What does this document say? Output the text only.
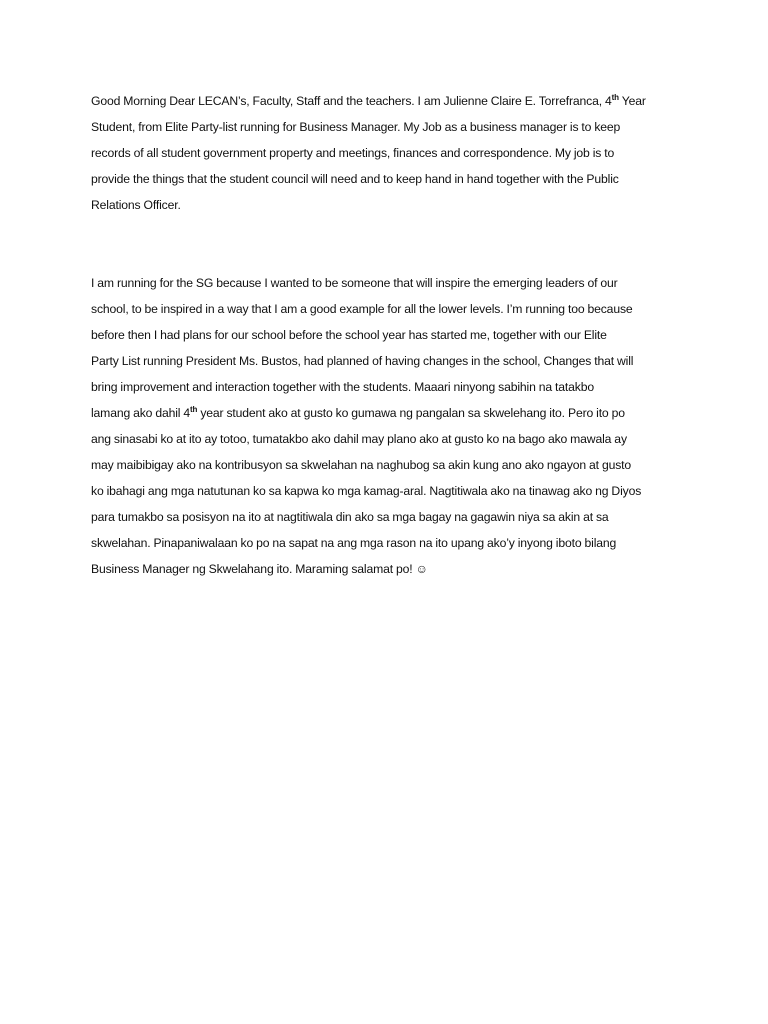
Good Morning Dear LECAN’s, Faculty, Staff and the teachers. I am Julienne Claire E. Torrefranca, 4th Year
Student, from Elite Party-list running for Business Manager. My Job as a business manager is to keep
records of all student government property and meetings, finances and correspondence. My job is to
provide the things that the student council will need and to keep hand in hand together with the Public
Relations Officer.

I am running for the SG because I wanted to be someone that will inspire the emerging leaders of our
school, to be inspired in a way that I am a good example for all the lower levels. I’m running too because
before then I had plans for our school before the school year has started me, together with our Elite
Party List running President Ms. Bustos, had planned of having changes in the school, Changes that will
bring improvement and interaction together with the students. Maaari ninyong sabihin na tatakbo
lamang ako dahil 4th year student ako at gusto ko gumawa ng pangalan sa skwelehang ito. Pero ito po
ang sinasabi ko at ito ay totoo, tumatakbo ako dahil may plano ako at gusto ko na bago ako mawala ay
may maibibigay ako na kontribusyon sa skwelahan na naghubog sa akin kung ano ako ngayon at gusto
ko ibahagi ang mga natutunan ko sa kapwa ko mga kamag-aral. Nagtitiwala ako na tinawag ako ng Diyos
para tumakbo sa posisyon na ito at nagtitiwala din ako sa mga bagay na gagawin niya sa akin at sa
skwelahan. Pinapaniwalaan ko po na sapat na ang mga rason na ito upang ako’y inyong iboto bilang
Business Manager ng Skwelahang ito. Maraming salamat po! ☺
